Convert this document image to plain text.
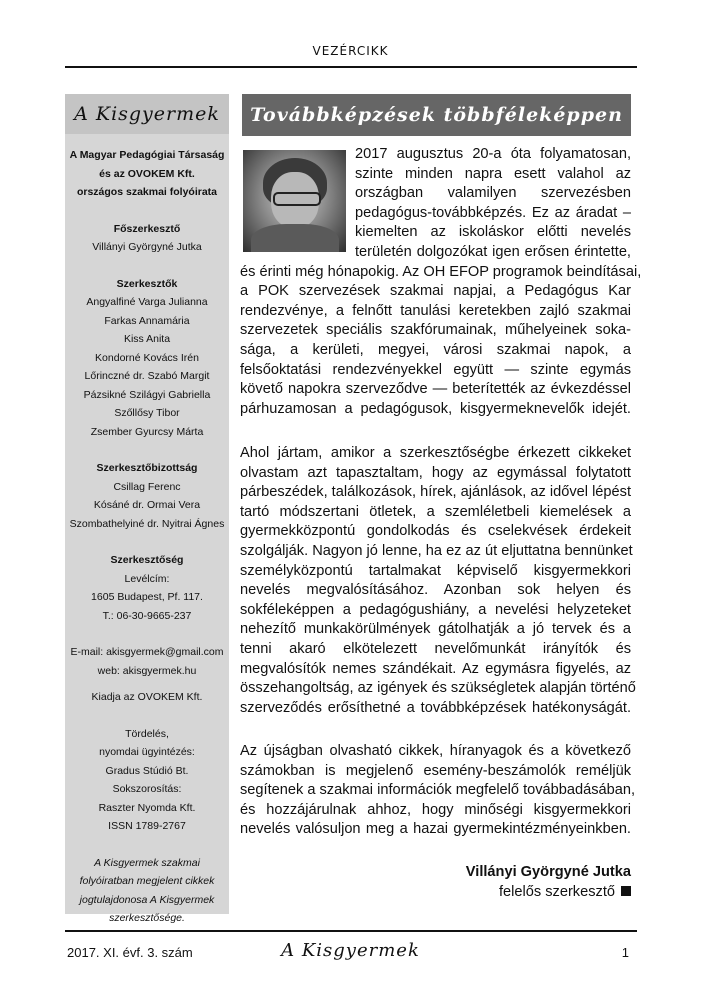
VEZÉRCIKK
A Kisgyermek
A Magyar Pedagógiai Társaság
és az OVOKEM Kft.
országos szakmai folyóirata
Főszerkesztő
Villányi Györgyné Jutka
Szerkesztők
Angyalfiné Varga Julianna
Farkas Annamária
Kiss Anita
Kondorné Kovács Irén
Lőrinczné dr. Szabó Margit
Pázsikné Szilágyi Gabriella
Szőllősy Tibor
Zsember Gyurcsy Márta
Szerkesztőbizottság
Csillag Ferenc
Kósáné dr. Ormai Vera
Szombathelyiné dr. Nyitrai Ágnes
Szerkesztőség
Levélcím:
1605 Budapest, Pf. 117.
T.: 06-30-9665-237
E-mail: akisgyermek@gmail.com
web: akisgyermek.hu
Kiadja az OVOKEM Kft.
Tördelés,
nyomdai ügyintézés:
Gradus Stúdió Bt.
Sokszorosítás:
Raszter Nyomda Kft.
ISSN 1789-2767
A Kisgyermek szakmai
folyóiratban megjelent cikkek
jogtulajdonosa A Kisgyermek
szerkesztősége.
Továbbképzések többféleképpen
2017 augusztus 20-a óta folyamatosan,
szinte minden napra esett valahol az
országban valamilyen szervezésben
pedagógus-továbbképzés. Ez az áradat –
kiemelten az iskoláskor előtti nevelés
területén dolgozókat igen erősen érintette,
és érinti még hónapokig. Az OH EFOP programok beindításai,
a POK szervezések szakmai napjai, a Pedagógus Kar
rendezvénye, a felnőtt tanulási keretekben zajló szakmai
szervezetek speciális szakfórumainak, műhelyeinek soka-
sága, a kerületi, megyei, városi szakmai napok, a
felsőoktatási rendezvényekkel együtt — szinte egymás
követő napokra szerveződve — beterítették az évkezdéssel
párhuzamosan a pedagógusok, kisgyermeknevelők idejét.
Ahol jártam, amikor a szerkesztőségbe érkezett cikkeket
olvastam azt tapasztaltam, hogy az egymással folytatott
párbeszédek, találkozások, hírek, ajánlások, az idővel lépést
tartó módszertani ötletek, a szemléletbeli kiemelések a
gyermekközpontú gondolkodás és cselekvések érdekeit
szolgálják. Nagyon jó lenne, ha ez az út eljuttatna bennünket
személyközpontú tartalmakat képviselő kisgyermekkori
nevelés megvalósításához. Azonban sok helyen és
sokféleképpen a pedagógushiány, a nevelési helyzeteket
nehezítő munkakörülmények gátolhatják a jó tervek és a
tenni akaró elkötelezett nevelőmunkát irányítók és
megvalósítók nemes szándékait. Az egymásra figyelés, az
összehangoltság, az igények és szükségletek alapján történő
szerveződés erősíthetné a továbbképzések hatékonyságát.
Az újságban olvasható cikkek, híranyagok és a következő
számokban is megjelenő esemény-beszámolók reméljük
segítenek a szakmai információk megfelelő továbbadásában,
és hozzájárulnak ahhoz, hogy minőségi kisgyermekkori
nevelés valósuljon meg a hazai gyermekintézményeinkben.
Villányi Györgyné Jutka
felelős szerkesztő
2017. XI. évf. 3. szám	A Kisgyermek	1
